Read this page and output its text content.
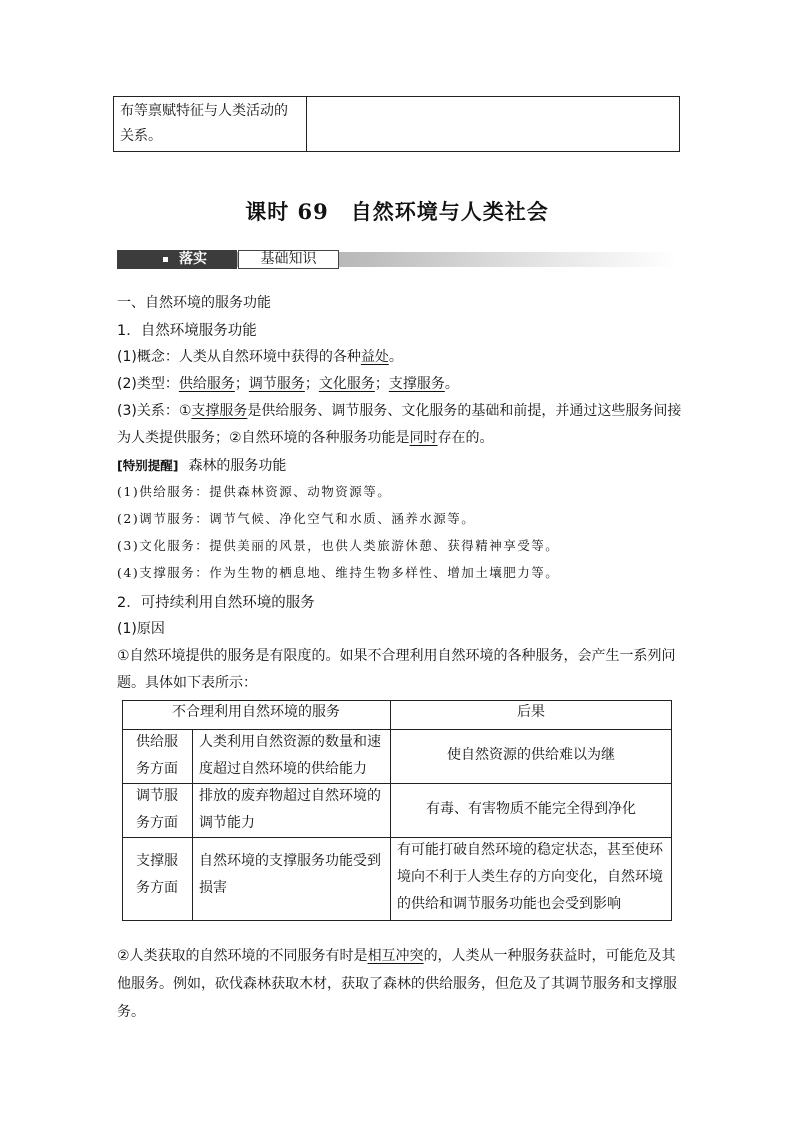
布等禀赋特征与人类活动的
关系。
课时 69　自然环境与人类社会
落实	基础知识
一、自然环境的服务功能
1．自然环境服务功能
(1)概念：人类从自然环境中获得的各种益处。
(2)类型：供给服务；调节服务；文化服务；支撑服务。
(3)关系：①支撑服务是供给服务、调节服务、文化服务的基础和前提，并通过这些服务间接
为人类提供服务；②自然环境的各种服务功能是同时存在的。
[特别提醒] 森林的服务功能
(1)供给服务：提供森林资源、动物资源等。
(2)调节服务：调节气候、净化空气和水质、涵养水源等。
(3)文化服务：提供美丽的风景，也供人类旅游休憩、获得精神享受等。
(4)支撑服务：作为生物的栖息地、维持生物多样性、增加土壤肥力等。
2．可持续利用自然环境的服务
(1)原因
①自然环境提供的服务是有限度的。如果不合理利用自然环境的各种服务，会产生一系列问
题。具体如下表所示：
不合理利用自然环境的服务	后果
供给服
务方面
人类利用自然资源的数量和速
度超过自然环境的供给能力
使自然资源的供给难以为继
调节服
务方面
排放的废弃物超过自然环境的
调节能力
有毒、有害物质不能完全得到净化
支撑服
务方面
自然环境的支撑服务功能受到
损害
有可能打破自然环境的稳定状态，甚至使环
境向不利于人类生存的方向变化，自然环境
的供给和调节服务功能也会受到影响
②人类获取的自然环境的不同服务有时是相互冲突的，人类从一种服务获益时，可能危及其
他服务。例如，砍伐森林获取木材，获取了森林的供给服务，但危及了其调节服务和支撑服
务。
